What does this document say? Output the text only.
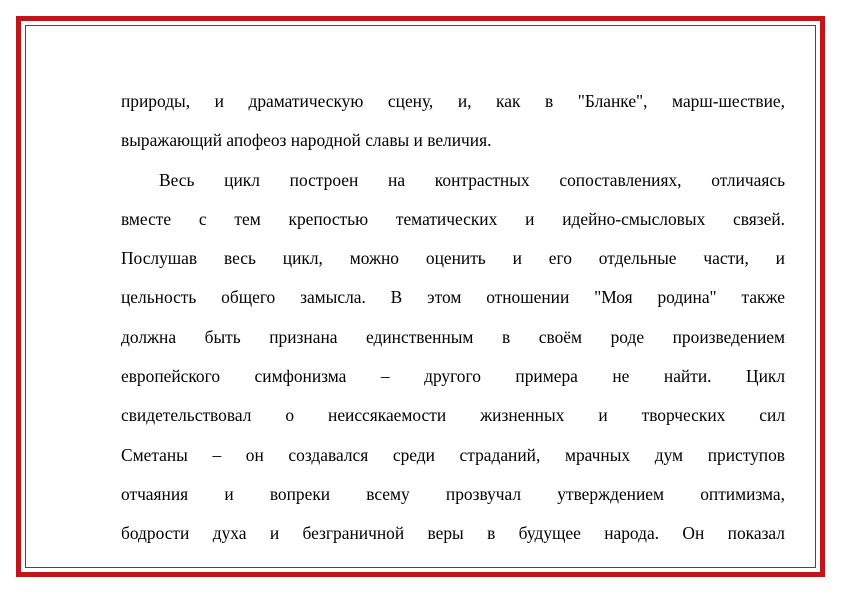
природы, и драматическую сцену, и, как в "Бланке", марш-шествие,
выражающий апофеоз народной славы и величия.
Весь цикл построен на контрастных сопоставлениях, отличаясь
вместе с тем крепостью тематических и идейно-смысловых связей.
Послушав весь цикл, можно оценить и его отдельные части, и
цельность общего замысла. В этом отношении "Моя родина" также
должна быть признана единственным в своём роде произведением
европейского симфонизма – другого примера не найти. Цикл
свидетельствовал о неиссякаемости жизненных и творческих сил
Сметаны – он создавался среди страданий, мрачных дум приступов
отчаяния и вопреки всему прозвучал утверждением оптимизма,
бодрости духа и безграничной веры в будущее народа. Он показал
